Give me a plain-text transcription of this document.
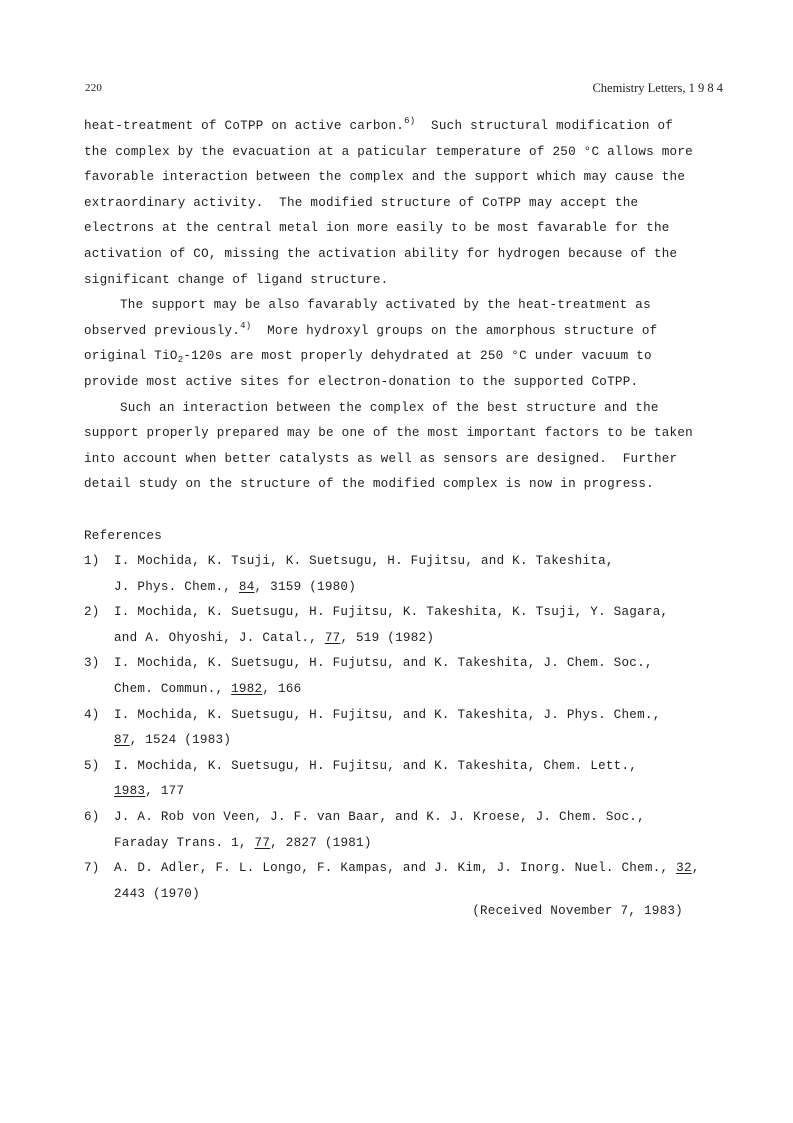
220	Chemistry Letters, 1 9 8 4
heat-treatment of CoTPP on active carbon.$^{6)}$  Such structural modification of
the complex by the evacuation at a paticular temperature of 250 °C allows more
favorable interaction between the complex and the support which may cause the
extraordinary activity.  The modified structure of CoTPP may accept the
electrons at the central metal ion more easily to be most favarable for the
activation of CO, missing the activation ability for hydrogen because of the
significant change of ligand structure.
The support may be also favarably activated by the heat-treatment as
observed previously.$^{4)}$  More hydroxyl groups on the amorphous structure of
original TiO$_2$-120s are most properly dehydrated at 250 °C under vacuum to
provide most active sites for electron-donation to the supported CoTPP.
Such an interaction between the complex of the best structure and the
support properly prepared may be one of the most important factors to be taken
into account when better catalysts as well as sensors are designed.  Further
detail study on the structure of the modified complex is now in progress.
References
1) I. Mochida, K. Tsuji, K. Suetsugu, H. Fujitsu, and K. Takeshita,
J. Phys. Chem., 84, 3159 (1980)
2) I. Mochida, K. Suetsugu, H. Fujitsu, K. Takeshita, K. Tsuji, Y. Sagara,
and A. Ohyoshi, J. Catal., 77, 519 (1982)
3) I. Mochida, K. Suetsugu, H. Fujutsu, and K. Takeshita, J. Chem. Soc.,
Chem. Commun., 1982, 166
4) I. Mochida, K. Suetsugu, H. Fujitsu, and K. Takeshita, J. Phys. Chem.,
87, 1524 (1983)
5) I. Mochida, K. Suetsugu, H. Fujitsu, and K. Takeshita, Chem. Lett.,
1983, 177
6) J. A. Rob von Veen, J. F. van Baar, and K. J. Kroese, J. Chem. Soc.,
Faraday Trans. 1, 77, 2827 (1981)
7) A. D. Adler, F. L. Longo, F. Kampas, and J. Kim, J. Inorg. Nuel. Chem., 32,
2443 (1970)
(Received November 7, 1983)
